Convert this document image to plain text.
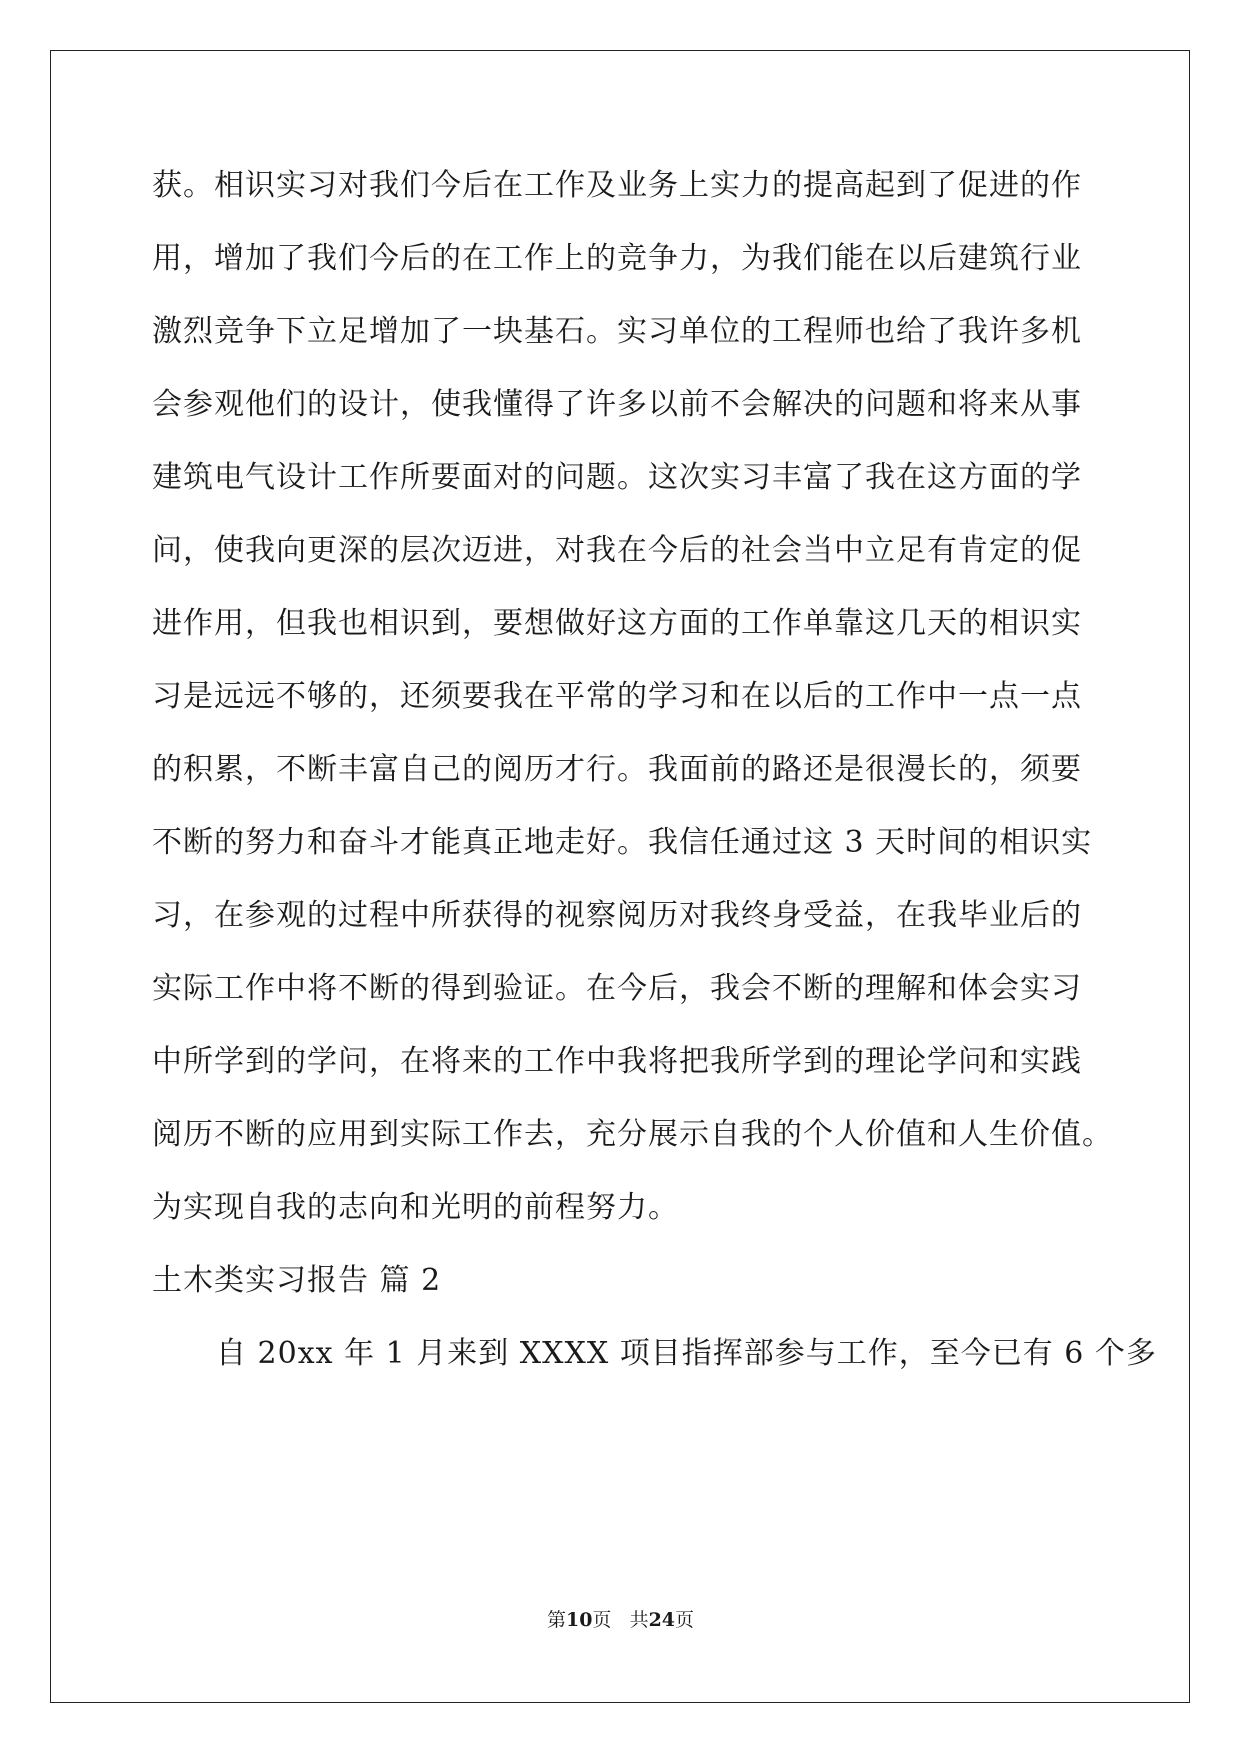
获。相识实习对我们今后在工作及业务上实力的提高起到了促进的作
用，增加了我们今后的在工作上的竞争力，为我们能在以后建筑行业
激烈竞争下立足增加了一块基石。实习单位的工程师也给了我许多机
会参观他们的设计，使我懂得了许多以前不会解决的问题和将来从事
建筑电气设计工作所要面对的问题。这次实习丰富了我在这方面的学
问，使我向更深的层次迈进，对我在今后的社会当中立足有肯定的促
进作用，但我也相识到，要想做好这方面的工作单靠这几天的相识实
习是远远不够的，还须要我在平常的学习和在以后的工作中一点一点
的积累，不断丰富自己的阅历才行。我面前的路还是很漫长的，须要
不断的努力和奋斗才能真正地走好。我信任通过这 3 天时间的相识实
习，在参观的过程中所获得的视察阅历对我终身受益，在我毕业后的
实际工作中将不断的得到验证。在今后，我会不断的理解和体会实习
中所学到的学问，在将来的工作中我将把我所学到的理论学问和实践
阅历不断的应用到实际工作去，充分展示自我的个人价值和人生价值。
为实现自我的志向和光明的前程努力。
土木类实习报告 篇 2
自 20xx 年 1 月来到 XXXX 项目指挥部参与工作，至今已有 6 个多
第10页 共24页
